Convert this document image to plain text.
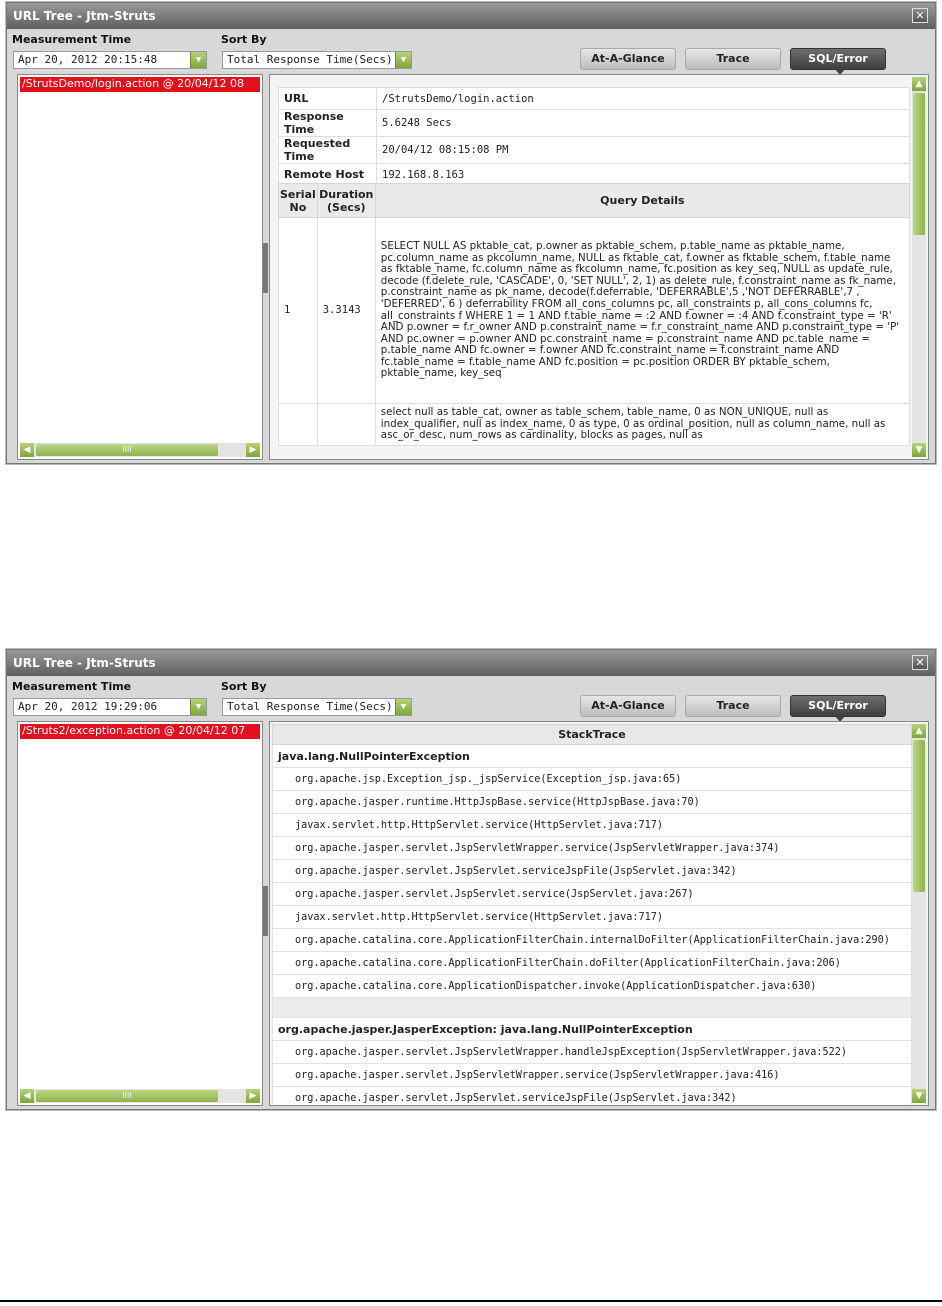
URL Tree - Jtm-Struts	✕
Measurement Time
Apr 20, 2012 20:15:48	▼
Sort By
Total Response Time(Secs) ▼	At-A-Glance	Trace	SQL/Error
/StrutsDemo/login.action @ 20/04/12 08
◀	IIII	▶
URL	/StrutsDemo/login.action
Response Time	5.6248 Secs
Requested Time	20/04/12 08:15:08 PM
Remote Host	192.168.8.163
Serial No	Duration (Secs)	Query Details
1	3.3143	SELECT NULL AS pktable_cat, p.owner as pktable_schem, p.table_name as pktable_name, pc.column_name as pkcolumn_name, NULL as fktable_cat, f.owner as fktable_schem, f.table_name as fktable_name, fc.column_name as fkcolumn_name, fc.position as key_seq, NULL as update_rule, decode (f.delete_rule, 'CASCADE', 0, 'SET NULL', 2, 1) as delete_rule, f.constraint_name as fk_name, p.constraint_name as pk_name, decode(f.deferrable, 'DEFERRABLE',5 ,'NOT DEFERRABLE',7 , 'DEFERRED', 6 ) deferrability FROM all_cons_columns pc, all_constraints p, all_cons_columns fc, all_constraints f WHERE 1 = 1 AND f.table_name = :2 AND f.owner = :4 AND f.constraint_type = 'R' AND p.owner = f.r_owner AND p.constraint_name = f.r_constraint_name AND p.constraint_type = 'P' AND pc.owner = p.owner AND pc.constraint_name = p.constraint_name AND pc.table_name = p.table_name AND fc.owner = f.owner AND fc.constraint_name = f.constraint_name AND fc.table_name = f.table_name AND fc.position = pc.position ORDER BY pktable_schem, pktable_name, key_seq
		select null as table_cat, owner as table_schem, table_name, 0 as NON_UNIQUE, null as index_qualifier, null as index_name, 0 as type, 0 as ordinal_position, null as column_name, null as asc_or_desc, num_rows as cardinality, blocks as pages, null as
▲
▼
URL Tree - Jtm-Struts	✕
Measurement Time
Apr 20, 2012 19:29:06	▼
Sort By
Total Response Time(Secs) ▼	At-A-Glance	Trace	SQL/Error
/Struts2/exception.action @ 20/04/12 07
◀	IIII	▶
StackTrace
java.lang.NullPointerException
org.apache.jsp.Exception_jsp._jspService(Exception_jsp.java:65)
org.apache.jasper.runtime.HttpJspBase.service(HttpJspBase.java:70)
javax.servlet.http.HttpServlet.service(HttpServlet.java:717)
org.apache.jasper.servlet.JspServletWrapper.service(JspServletWrapper.java:374)
org.apache.jasper.servlet.JspServlet.serviceJspFile(JspServlet.java:342)
org.apache.jasper.servlet.JspServlet.service(JspServlet.java:267)
javax.servlet.http.HttpServlet.service(HttpServlet.java:717)
org.apache.catalina.core.ApplicationFilterChain.internalDoFilter(ApplicationFilterChain.java:290)
org.apache.catalina.core.ApplicationFilterChain.doFilter(ApplicationFilterChain.java:206)
org.apache.catalina.core.ApplicationDispatcher.invoke(ApplicationDispatcher.java:630)

org.apache.jasper.JasperException: java.lang.NullPointerException
org.apache.jasper.servlet.JspServletWrapper.handleJspException(JspServletWrapper.java:522)
org.apache.jasper.servlet.JspServletWrapper.service(JspServletWrapper.java:416)
org.apache.jasper.servlet.JspServlet.serviceJspFile(JspServlet.java:342)
▲
▼
